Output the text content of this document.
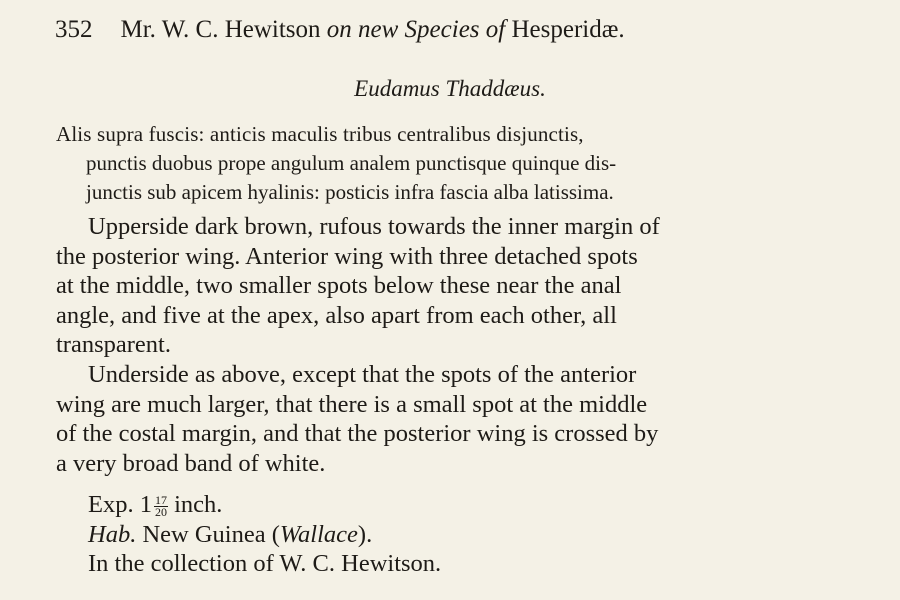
352 Mr. W. C. Hewitson on new Species of Hesperidæ.
Eudamus Thaddæus.
Alis supra fuscis: anticis maculis tribus centralibus disjunctis,
punctis duobus prope angulum analem punctisque quinque dis-
junctis sub apicem hyalinis: posticis infra fascia alba latissima.
Upperside dark brown, rufous towards the inner margin of
the posterior wing. Anterior wing with three detached spots
at the middle, two smaller spots below these near the anal
angle, and five at the apex, also apart from each other, all
transparent.
Underside as above, except that the spots of the anterior
wing are much larger, that there is a small spot at the middle
of the costal margin, and that the posterior wing is crossed by
a very broad band of white.
Exp. $1 \frac{17}{20}$ inch.
Hab. New Guinea (Wallace).
In the collection of W. C. Hewitson.
